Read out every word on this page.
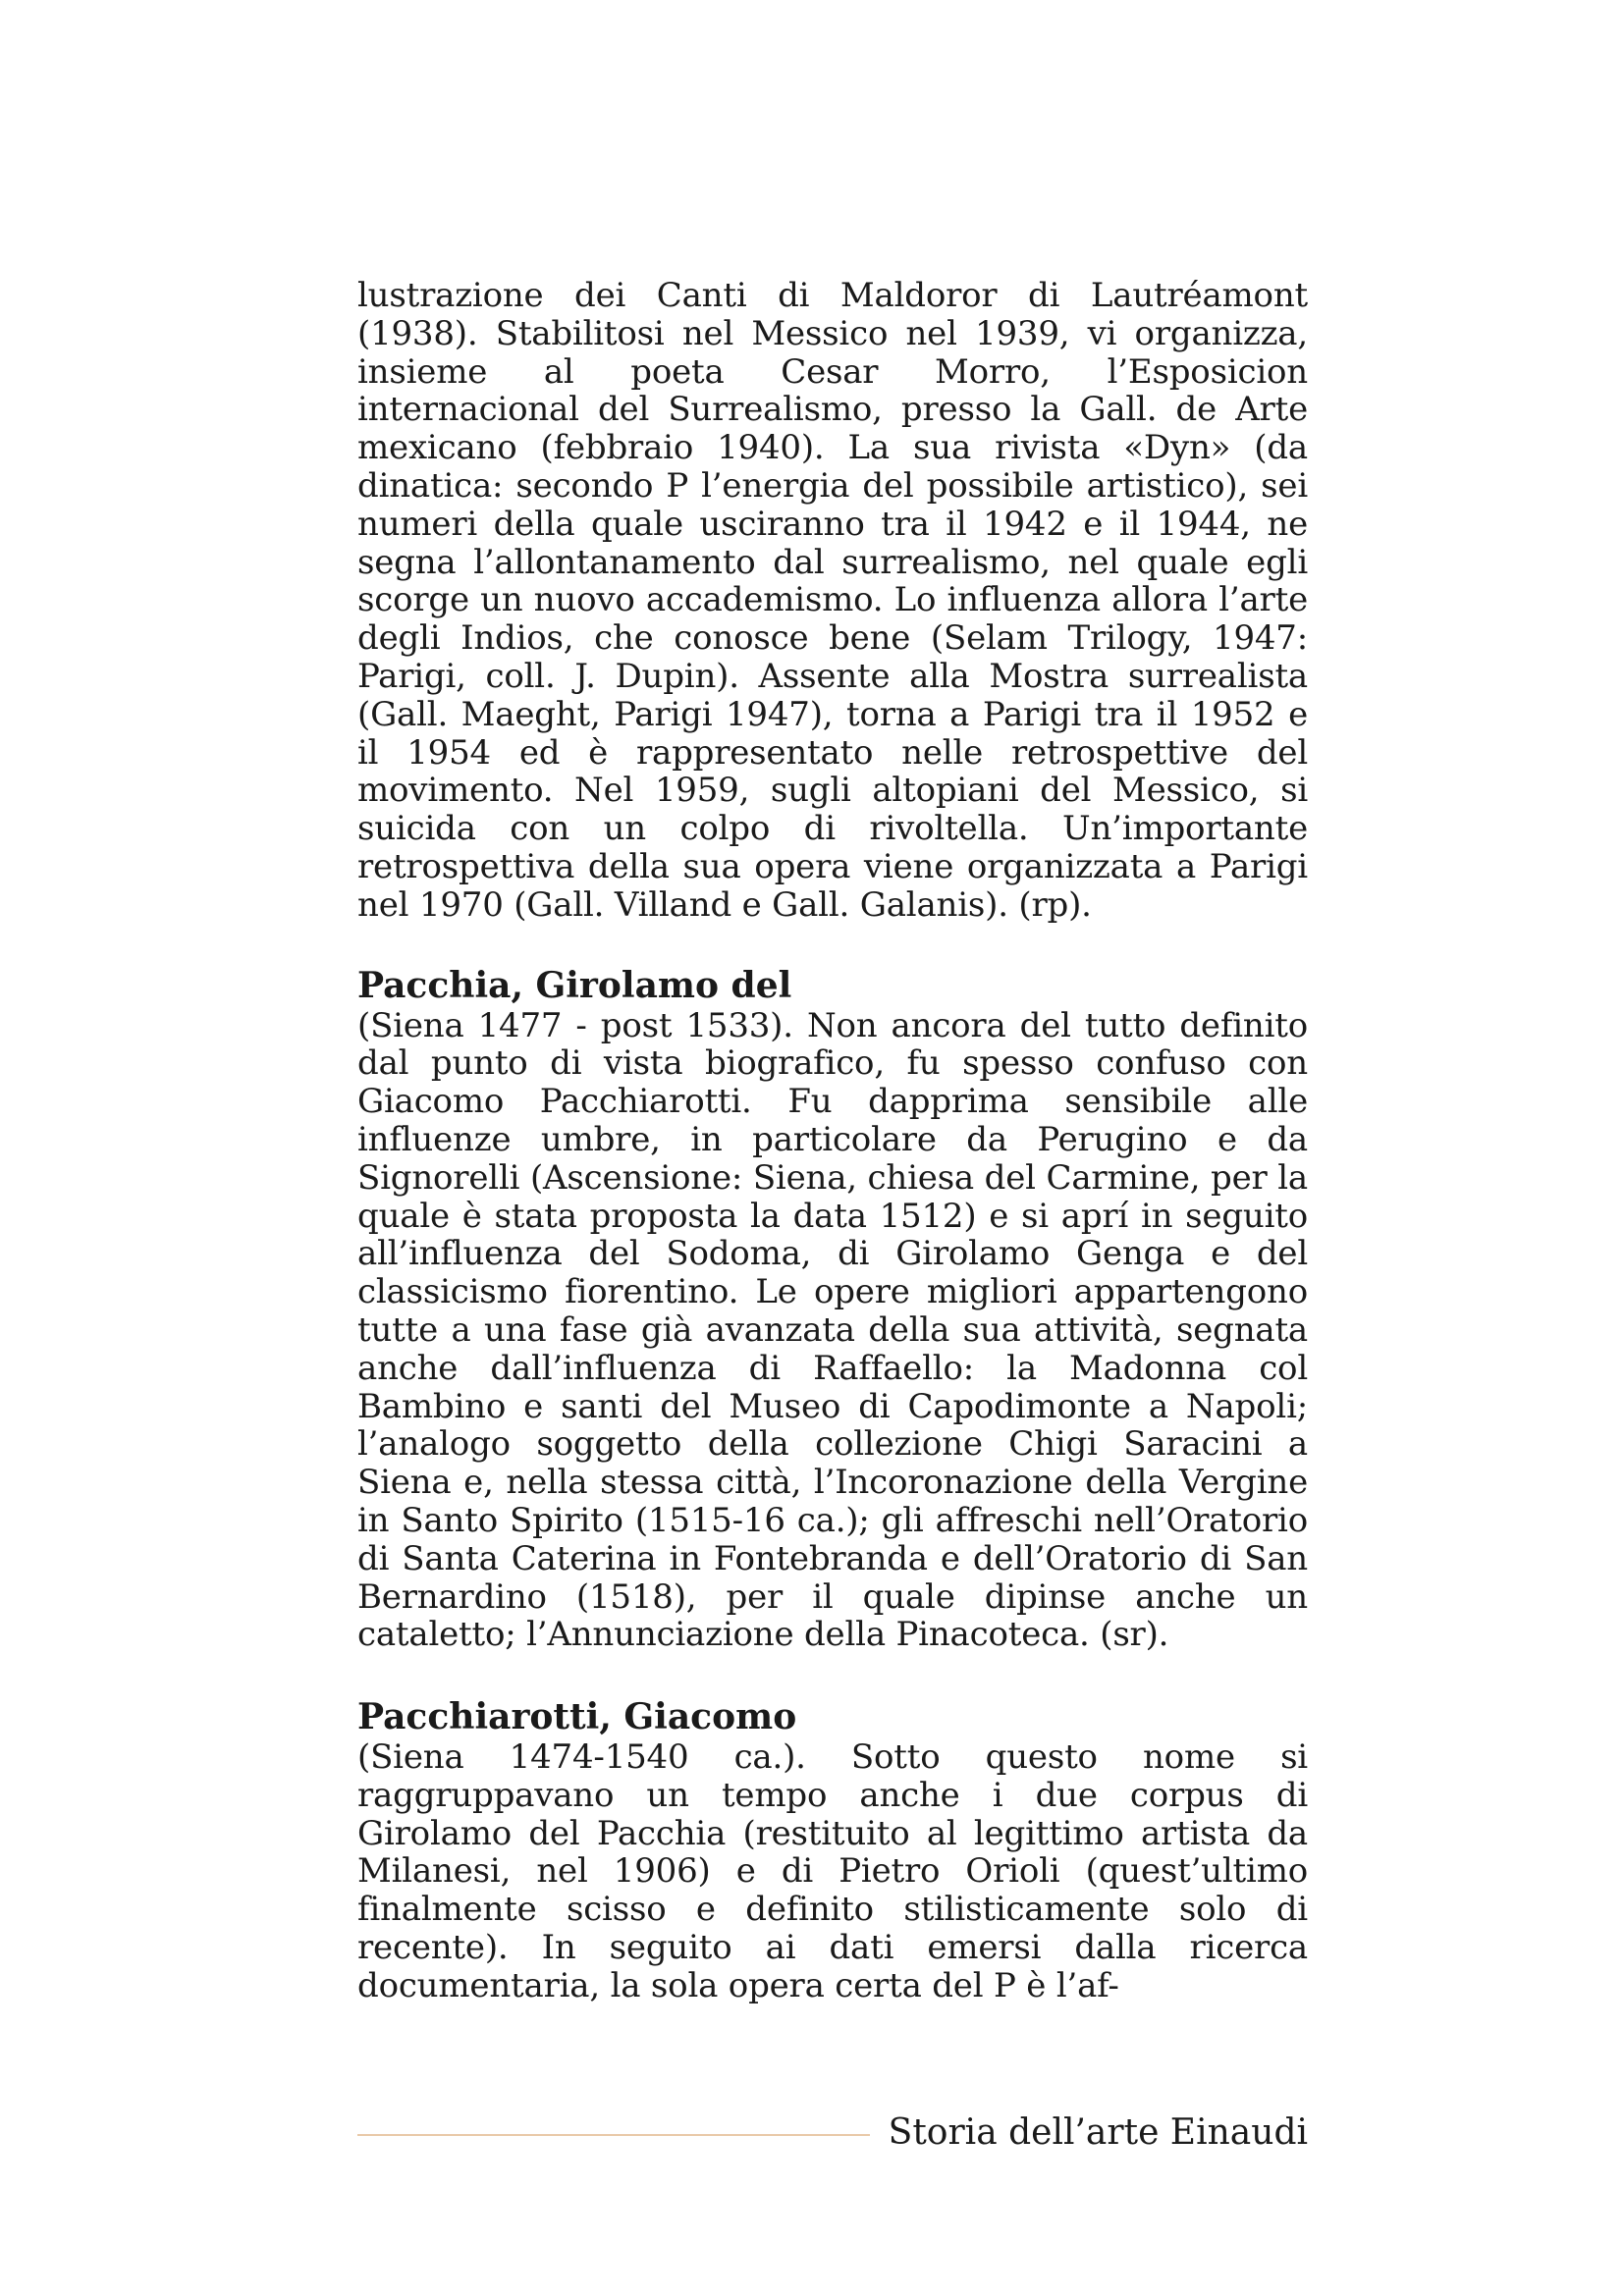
lustrazione dei Canti di Maldoror di Lautréamont (1938). Stabilitosi nel Messico nel 1939, vi organizza, insieme al poeta Cesar Morro, l’Esposicion internacional del Surrealismo, presso la Gall. de Arte mexicano (febbraio 1940). La sua rivista «Dyn» (da dinatica: secondo P l’energia del possibile artistico), sei numeri della quale usciranno tra il 1942 e il 1944, ne segna l’allontanamento dal surrealismo, nel quale egli scorge un nuovo accademismo. Lo influenza allora l’arte degli Indios, che conosce bene (Selam Trilogy, 1947: Parigi, coll. J. Dupin). Assente alla Mostra surrealista (Gall. Maeght, Parigi 1947), torna a Parigi tra il 1952 e il 1954 ed è rappresentato nelle retrospettive del movimento. Nel 1959, sugli altopiani del Messico, si suicida con un colpo di rivoltella. Un’importante retrospettiva della sua opera viene organizzata a Parigi nel 1970 (Gall. Villand e Gall. Galanis). (rp).

Pacchia, Girolamo del

(Siena 1477 - post 1533). Non ancora del tutto definito dal punto di vista biografico, fu spesso confuso con Giacomo Pacchiarotti. Fu dapprima sensibile alle influenze umbre, in particolare da Perugino e da Signorelli (Ascensione: Siena, chiesa del Carmine, per la quale è stata proposta la data 1512) e si aprí in seguito all’influenza del Sodoma, di Girolamo Genga e del classicismo fiorentino. Le opere migliori appartengono tutte a una fase già avanzata della sua attività, segnata anche dall’influenza di Raffaello: la Madonna col Bambino e santi del Museo di Capodimonte a Napoli; l’analogo soggetto della collezione Chigi Saracini a Siena e, nella stessa città, l’Incoronazione della Vergine in Santo Spirito (1515-16 ca.); gli affreschi nell’Oratorio di Santa Caterina in Fontebranda e dell’Oratorio di San Bernardino (1518), per il quale dipinse anche un cataletto; l’Annunciazione della Pinacoteca. (sr).

Pacchiarotti, Giacomo

(Siena 1474-1540 ca.). Sotto questo nome si raggruppavano un tempo anche i due corpus di Girolamo del Pacchia (restituito al legittimo artista da Milanesi, nel 1906) e di Pietro Orioli (quest’ultimo finalmente scisso e definito stilisticamente solo di recente). In seguito ai dati emersi dalla ricerca documentaria, la sola opera certa del P è l’af-

Storia dell’arte Einaudi
